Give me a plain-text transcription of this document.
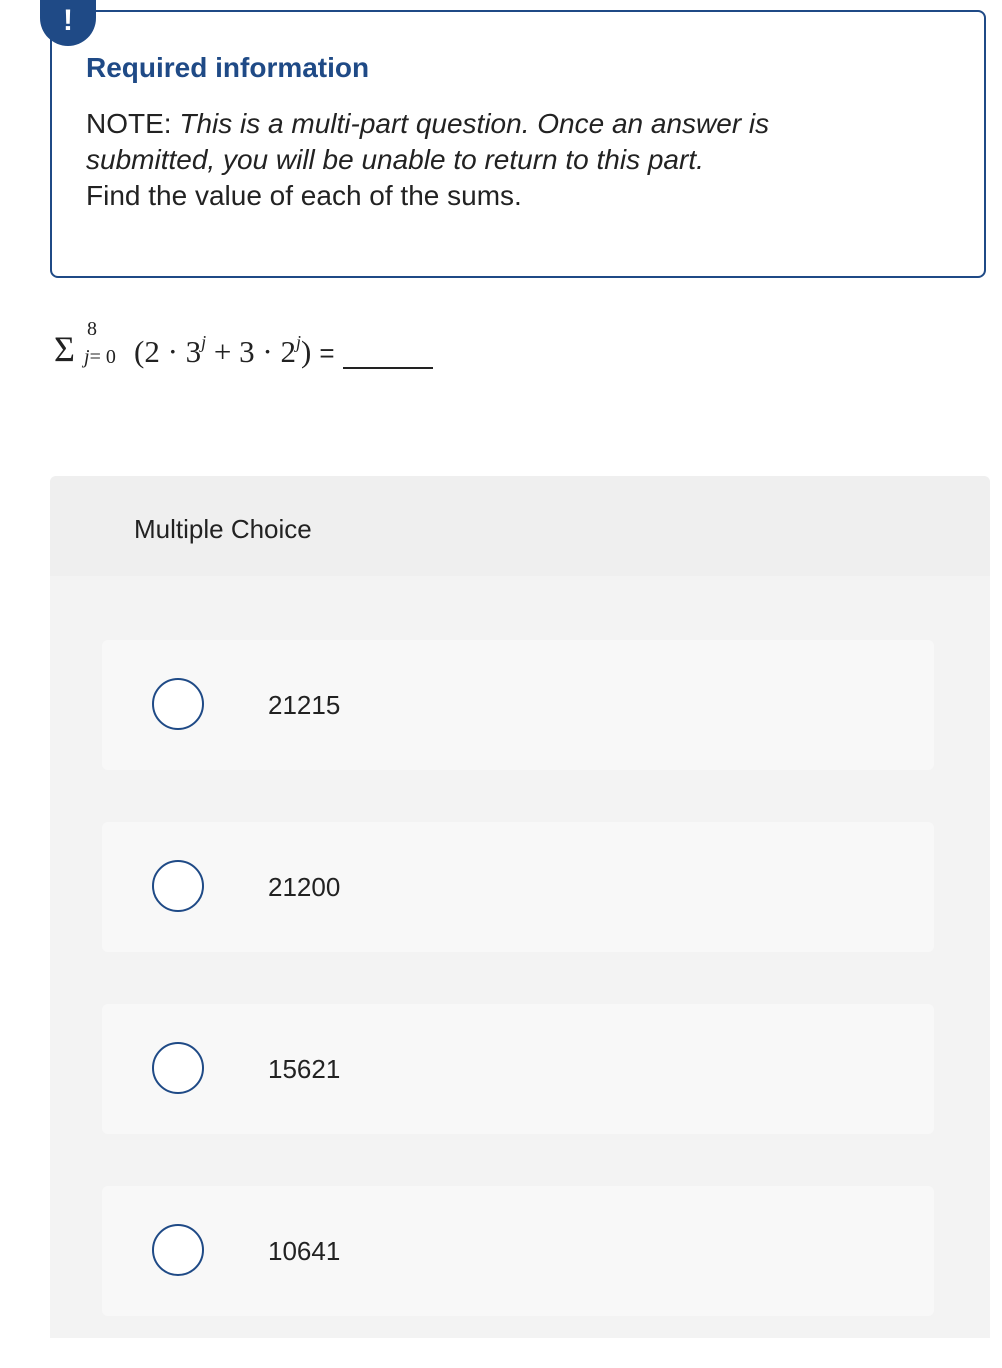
!
Required information
NOTE: This is a multi-part question. Once an answer is submitted, you will be unable to return to this part.
Find the value of each of the sums.
Σ 8
j= 0 $(2 \cdot 3^j + 3 \cdot 2^j)$ =
Multiple Choice
21215
21200
15621
10641
